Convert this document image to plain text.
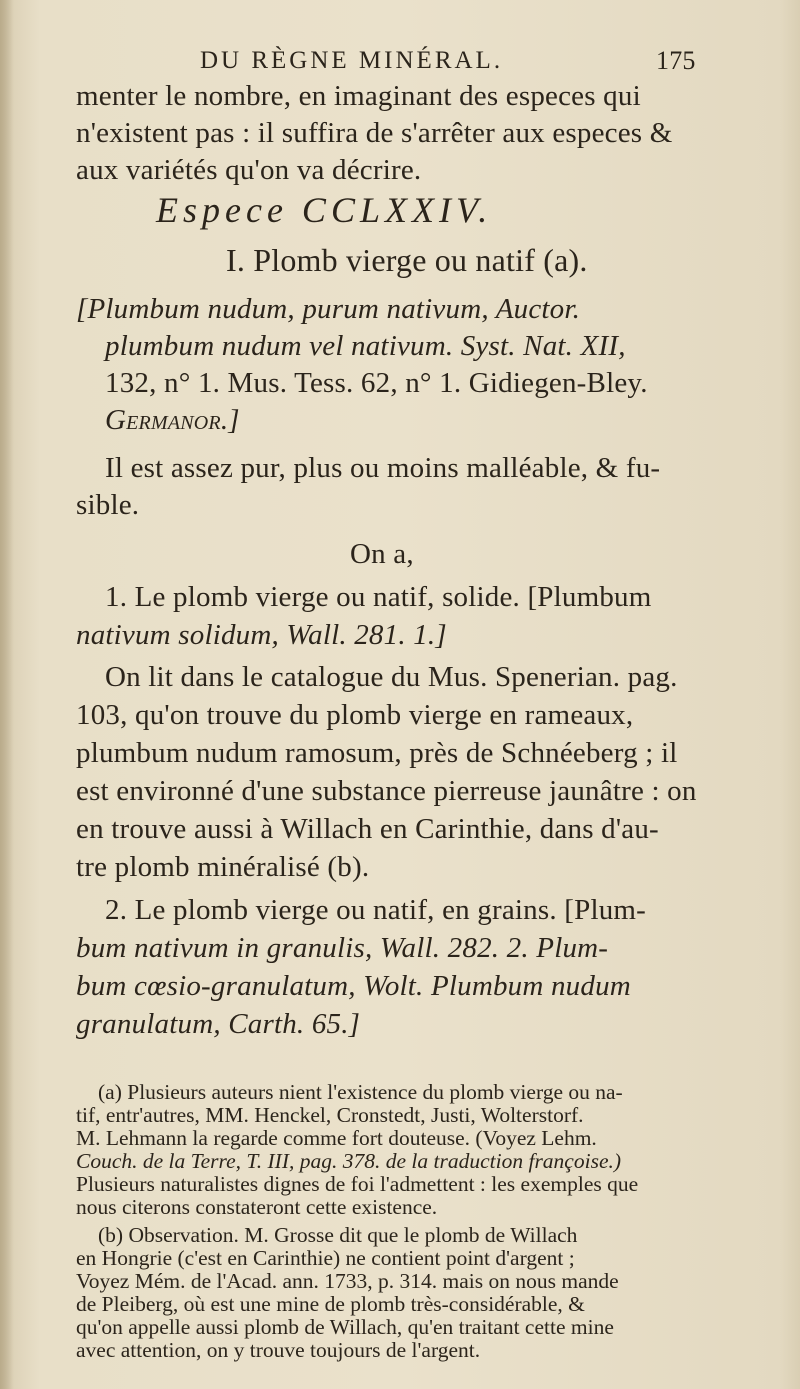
DU RÈGNE MINÉRAL.	175
menter le nombre, en imaginant des especes qui
n'existent pas : il suffira de s'arrêter aux especes &
aux variétés qu'on va décrire.
Espece CCLXXIV.
I. Plomb vierge ou natif (a).
[Plumbum nudum, purum nativum, Auctor.
plumbum nudum vel nativum. Syst. Nat. XII,
132, n° 1. Mus. Tess. 62, n° 1. Gidiegen-Bley.
Germanor.]
Il est assez pur, plus ou moins malléable, & fu-
sible.
On a,
1. Le plomb vierge ou natif, solide. [Plumbum
nativum solidum, Wall. 281. 1.]
On lit dans le catalogue du Mus. Spenerian. pag.
103, qu'on trouve du plomb vierge en rameaux,
plumbum nudum ramosum, près de Schnéeberg ; il
est environné d'une substance pierreuse jaunâtre : on
en trouve aussi à Willach en Carinthie, dans d'au-
tre plomb minéralisé (b).
2. Le plomb vierge ou natif, en grains. [Plum-
bum nativum in granulis, Wall. 282. 2. Plum-
bum cœsio-granulatum, Wolt. Plumbum nudum
granulatum, Carth. 65.]
(a) Plusieurs auteurs nient l'existence du plomb vierge ou na-
tif, entr'autres, MM. Henckel, Cronstedt, Justi, Wolterstorf.
M. Lehmann la regarde comme fort douteuse. (Voyez Lehm.
Couch. de la Terre, T. III, pag. 378. de la traduction françoise.)
Plusieurs naturalistes dignes de foi l'admettent : les exemples que
nous citerons constateront cette existence.
(b) Observation. M. Grosse dit que le plomb de Willach
en Hongrie (c'est en Carinthie) ne contient point d'argent ;
Voyez Mém. de l'Acad. ann. 1733, p. 314. mais on nous mande
de Pleiberg, où est une mine de plomb très-considérable, &
qu'on appelle aussi plomb de Willach, qu'en traitant cette mine
avec attention, on y trouve toujours de l'argent.
